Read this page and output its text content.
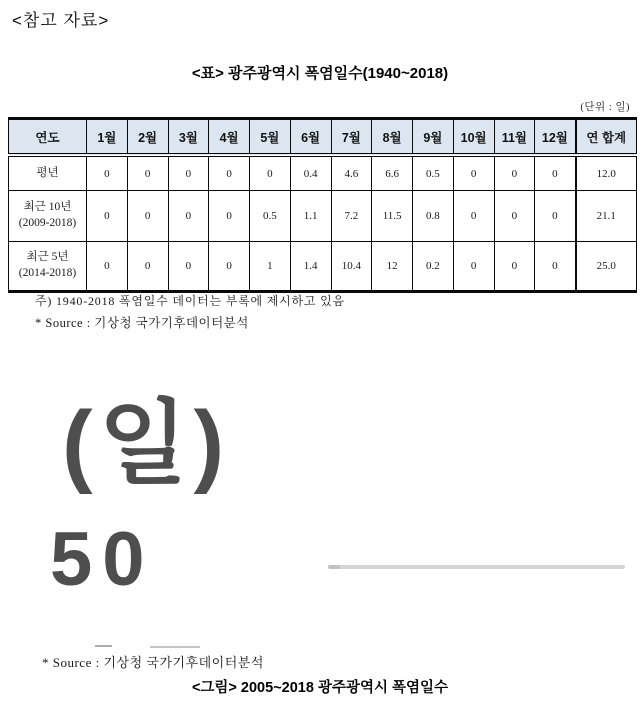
<참고 자료>
<표> 광주광역시 폭염일수(1940~2018)
(단위 : 일)
연도	1월	2월	3월	4월	5월	6월	7월	8월	9월	10월	11월	12월	연 합계

평년	0	0	0	0	0	0.4	4.6	6.6	0.5	0	0	0	12.0

최근 10년
(2009-2018)	0	0	0	0	0.5	1.1	7.2	11.5	0.8	0	0	0	21.1

최근 5년
(2014-2018)	0	0	0	0	1	1.4	10.4	12	0.2	0	0	0	25.0
주) 1940-2018 폭염일수 데이터는 부록에 제시하고 있음
* Source : 기상청 국가기후데이터분석
(일)
50
* Source : 기상청 국가기후데이터분석
<그림> 2005~2018 광주광역시 폭염일수
